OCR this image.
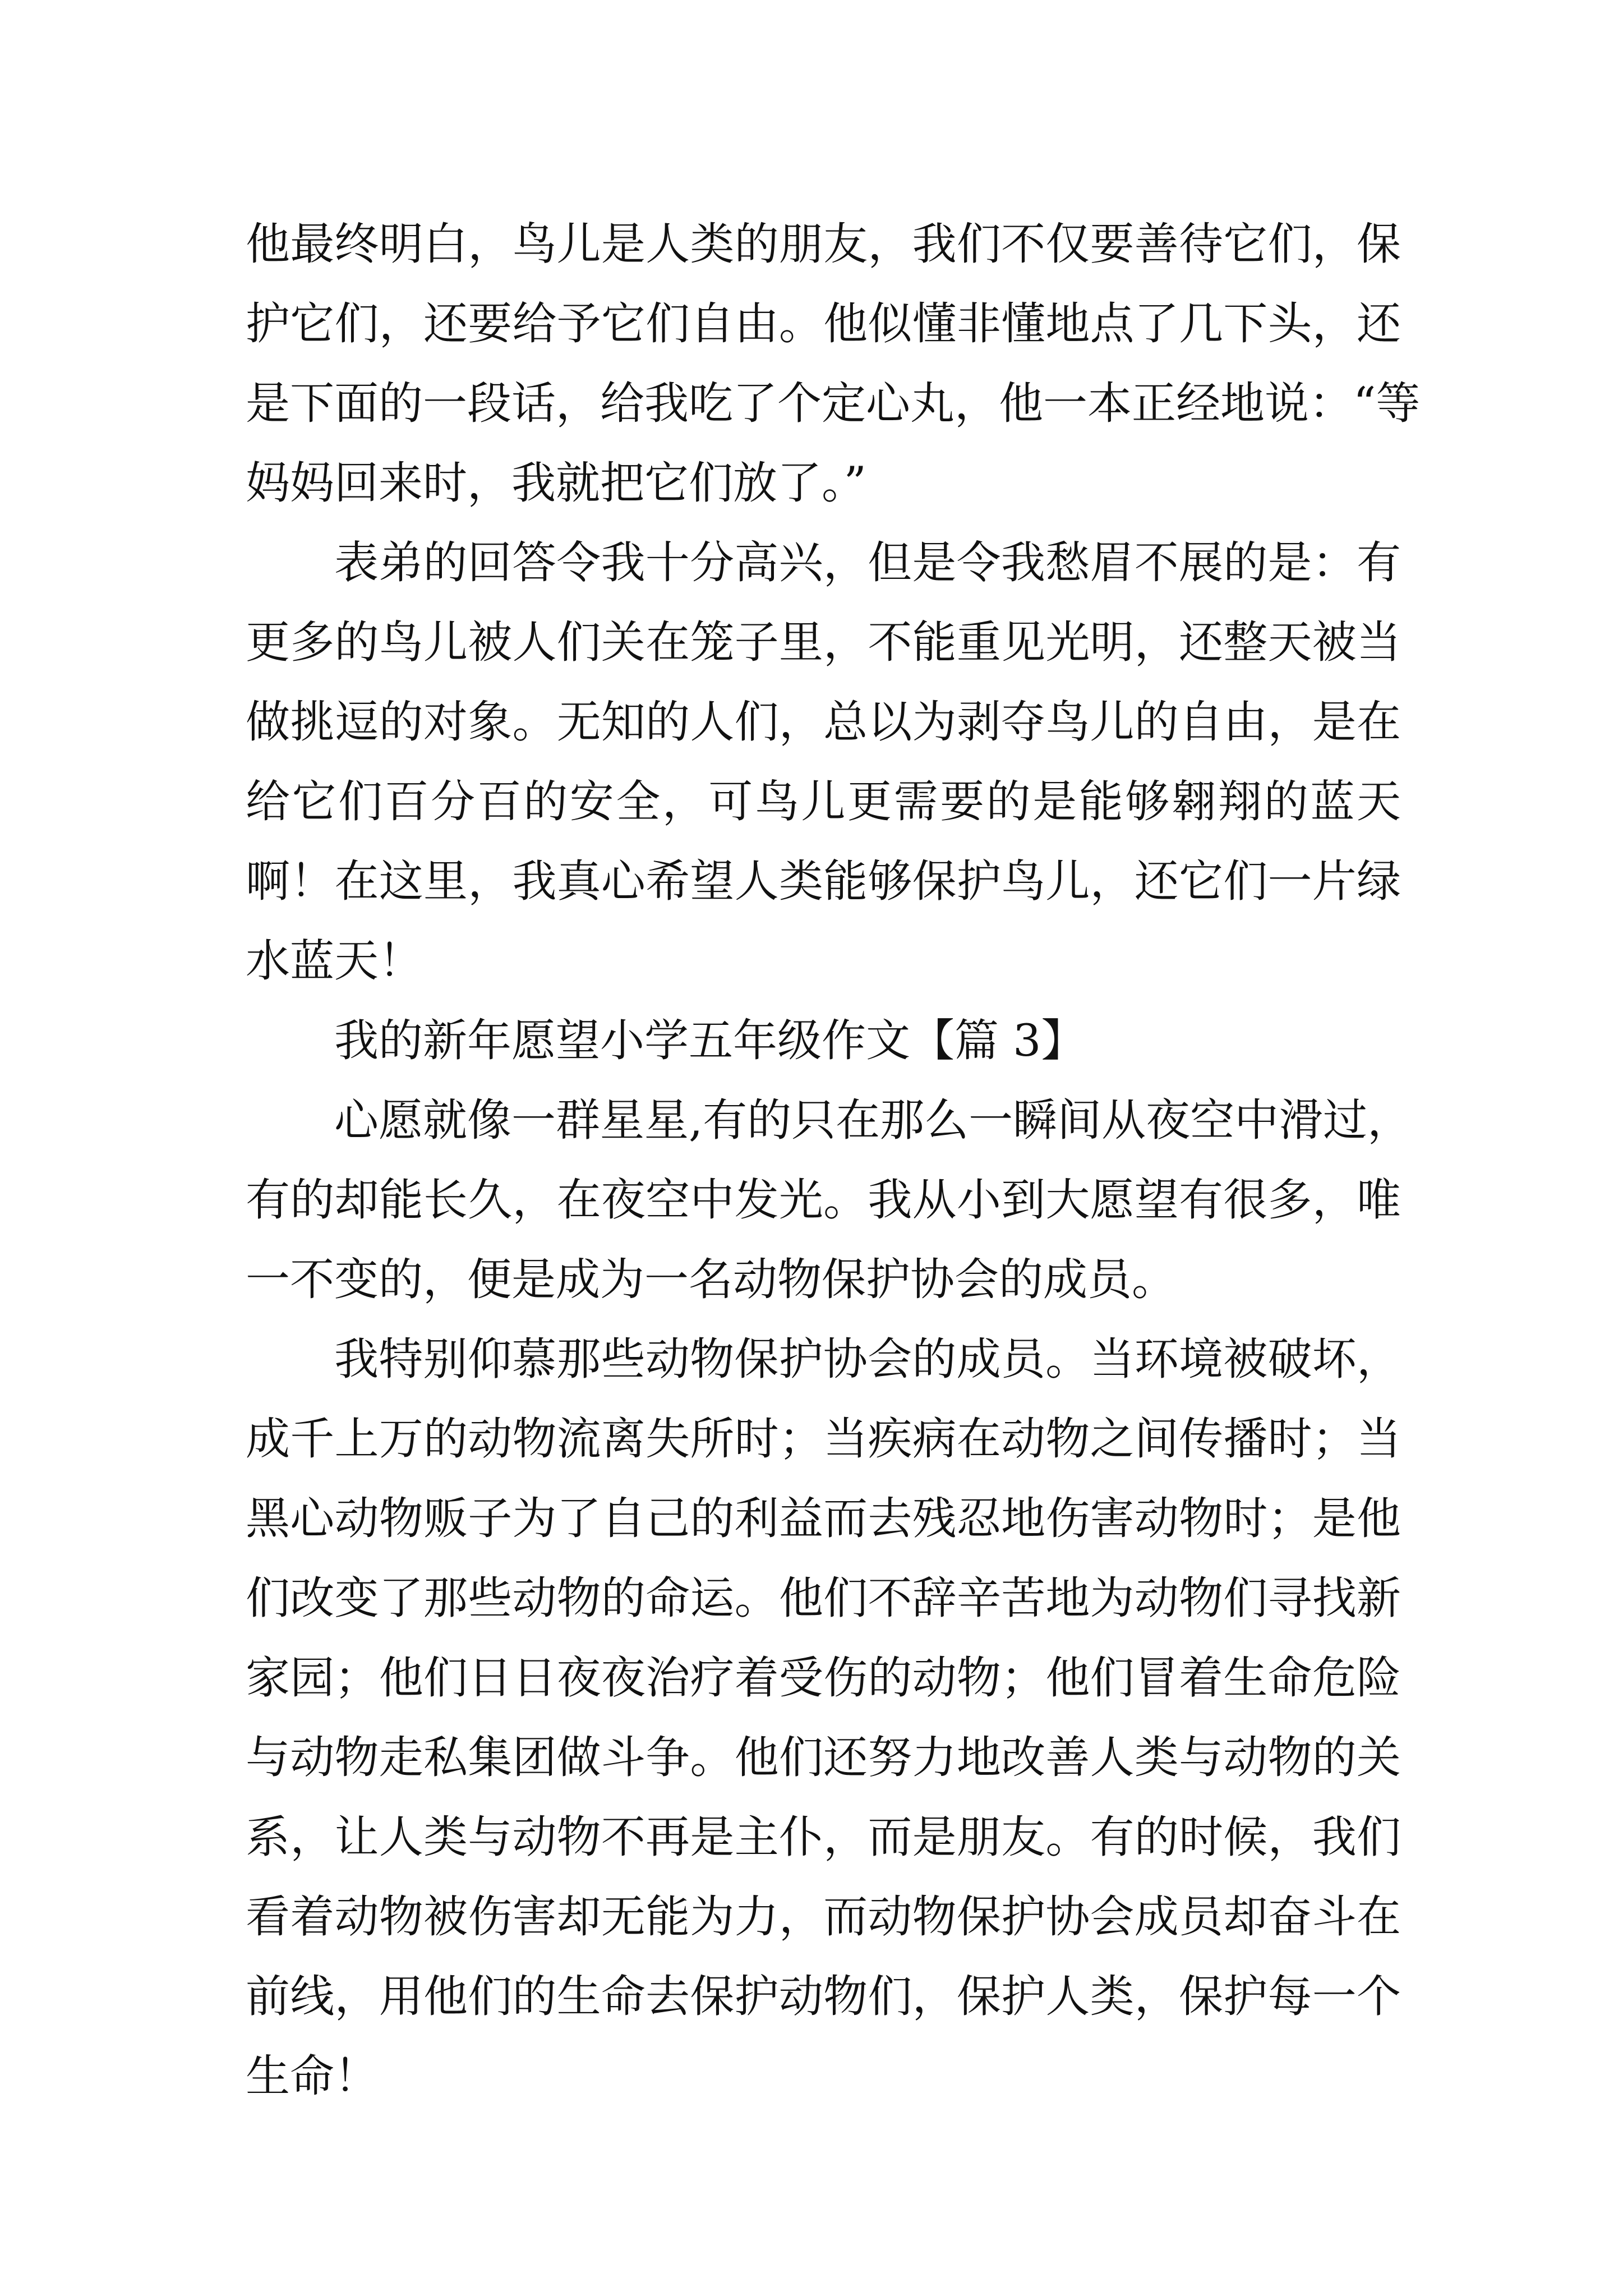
他最终明白，鸟儿是人类的朋友，我们不仅要善待它们，保
护它们，还要给予它们自由。他似懂非懂地点了几下头，还
是下面的一段话，给我吃了个定心丸，他一本正经地说：“等
妈妈回来时，我就把它们放了。”
表弟的回答令我十分高兴，但是令我愁眉不展的是：有
更多的鸟儿被人们关在笼子里，不能重见光明，还整天被当
做挑逗的对象。无知的人们，总以为剥夺鸟儿的自由，是在
给它们百分百的安全，可鸟儿更需要的是能够翱翔的蓝天
啊！在这里，我真心希望人类能够保护鸟儿，还它们一片绿
水蓝天！
我的新年愿望小学五年级作文【篇 3】
心愿就像一群星星,有的只在那么一瞬间从夜空中滑过，
有的却能长久，在夜空中发光。我从小到大愿望有很多，唯
一不变的，便是成为一名动物保护协会的成员。
我特别仰慕那些动物保护协会的成员。当环境被破坏，
成千上万的动物流离失所时；当疾病在动物之间传播时；当
黑心动物贩子为了自己的利益而去残忍地伤害动物时；是他
们改变了那些动物的命运。他们不辞辛苦地为动物们寻找新
家园；他们日日夜夜治疗着受伤的动物；他们冒着生命危险
与动物走私集团做斗争。他们还努力地改善人类与动物的关
系，让人类与动物不再是主仆，而是朋友。有的时候，我们
看着动物被伤害却无能为力，而动物保护协会成员却奋斗在
前线，用他们的生命去保护动物们，保护人类，保护每一个
生命！
